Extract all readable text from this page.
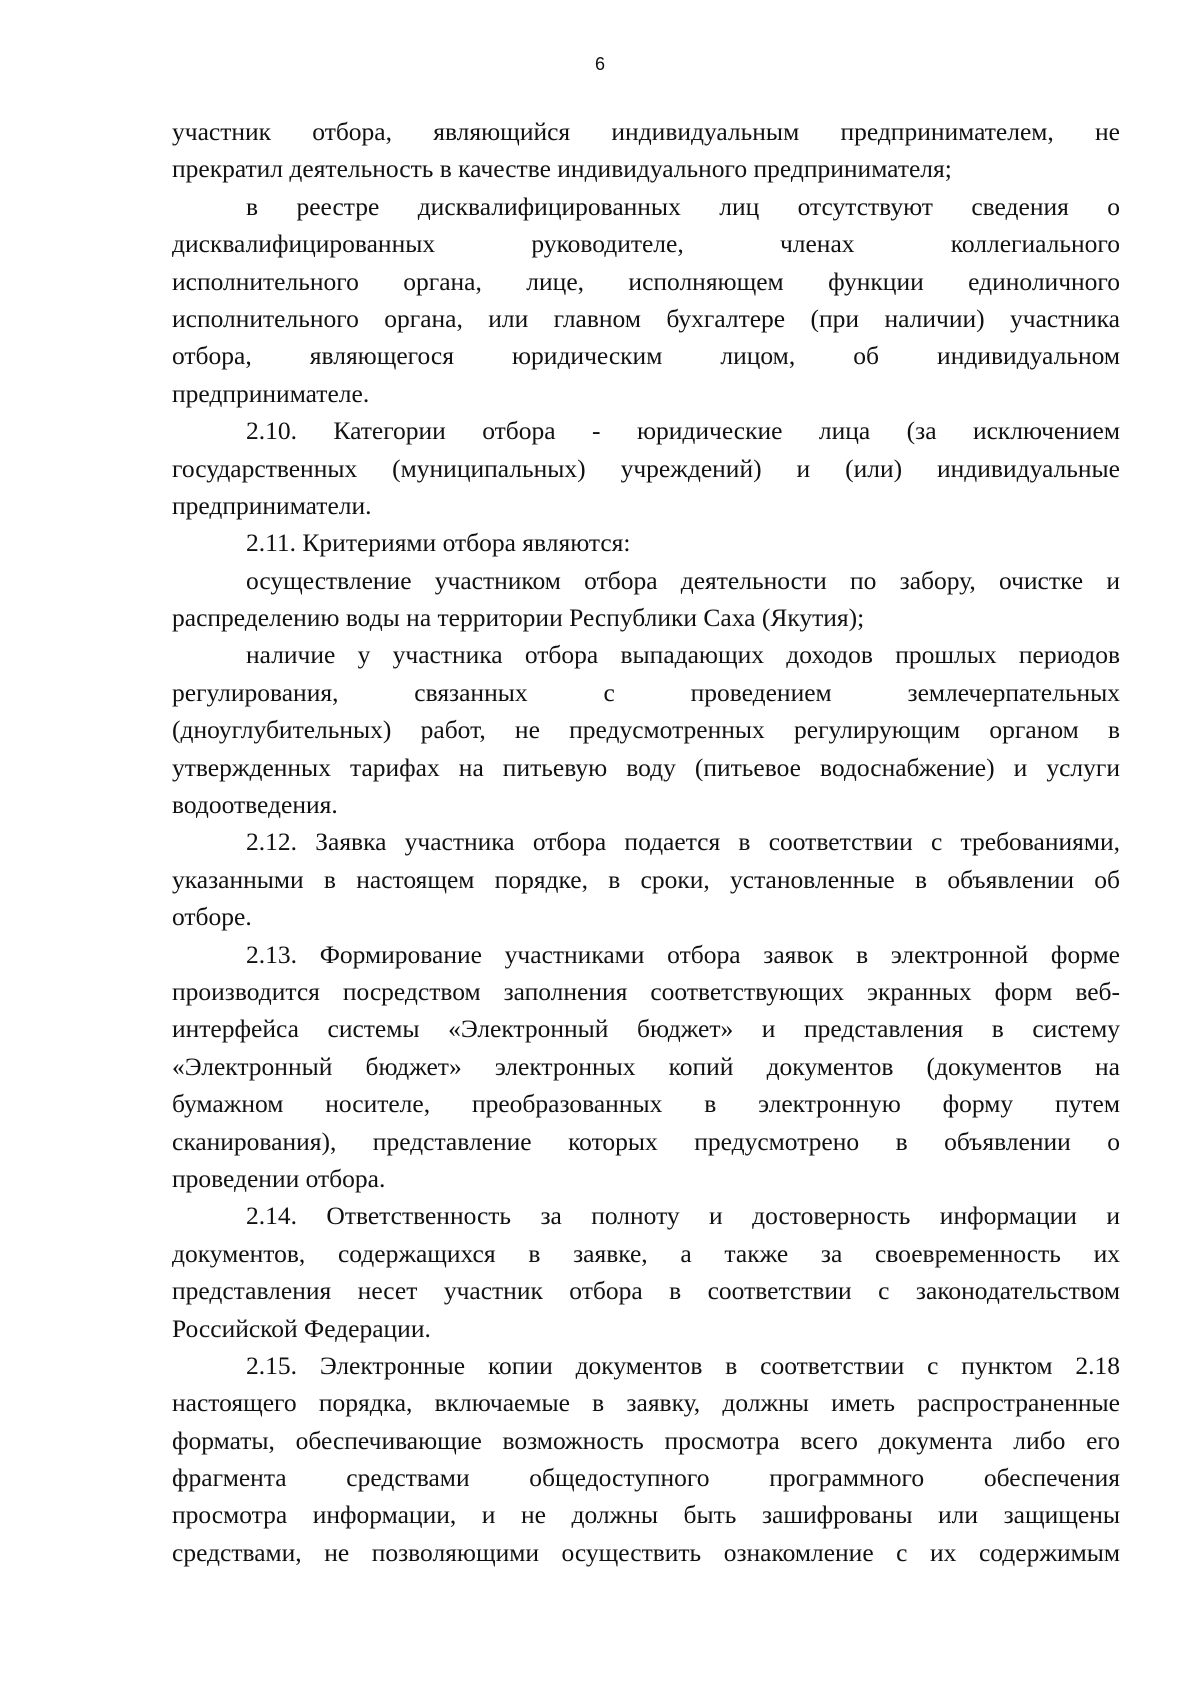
6
участник отбора, являющийся индивидуальным предпринимателем, не
прекратил деятельность в качестве индивидуального предпринимателя;
в реестре дисквалифицированных лиц отсутствуют сведения о
дисквалифицированных руководителе, членах коллегиального
исполнительного органа, лице, исполняющем функции единоличного
исполнительного органа, или главном бухгалтере (при наличии) участника
отбора, являющегося юридическим лицом, об индивидуальном
предпринимателе.
2.10. Категории отбора - юридические лица (за исключением
государственных (муниципальных) учреждений) и (или) индивидуальные
предприниматели.
2.11. Критериями отбора являются:
осуществление участником отбора деятельности по забору, очистке и
распределению воды на территории Республики Саха (Якутия);
наличие у участника отбора выпадающих доходов прошлых периодов
регулирования, связанных с проведением землечерпательных
(дноуглубительных) работ, не предусмотренных регулирующим органом в
утвержденных тарифах на питьевую воду (питьевое водоснабжение) и услуги
водоотведения.
2.12. Заявка участника отбора подается в соответствии с требованиями,
указанными в настоящем порядке, в сроки, установленные в объявлении об
отборе.
2.13. Формирование участниками отбора заявок в электронной форме
производится посредством заполнения соответствующих экранных форм веб-
интерфейса системы «Электронный бюджет» и представления в систему
«Электронный бюджет» электронных копий документов (документов на
бумажном носителе, преобразованных в электронную форму путем
сканирования), представление которых предусмотрено в объявлении о
проведении отбора.
2.14. Ответственность за полноту и достоверность информации и
документов, содержащихся в заявке, а также за своевременность их
представления несет участник отбора в соответствии с законодательством
Российской Федерации.
2.15. Электронные копии документов в соответствии с пунктом 2.18
настоящего порядка, включаемые в заявку, должны иметь распространенные
форматы, обеспечивающие возможность просмотра всего документа либо его
фрагмента средствами общедоступного программного обеспечения
просмотра информации, и не должны быть зашифрованы или защищены
средствами, не позволяющими осуществить ознакомление с их содержимым
